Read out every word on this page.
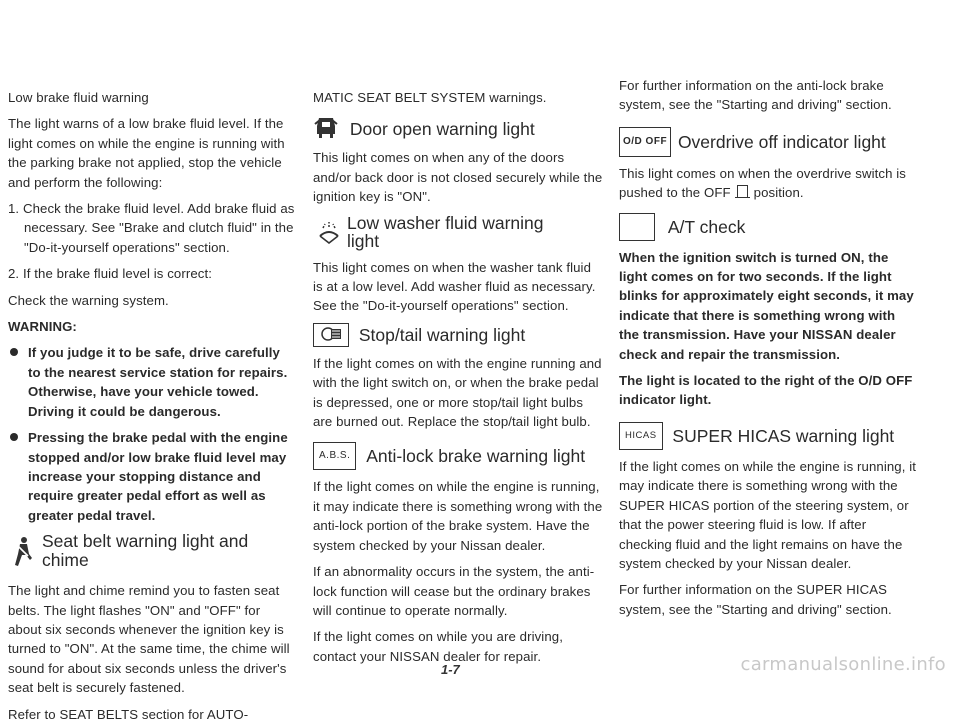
Low brake fluid warning

The light warns of a low brake fluid level. If the light comes on while the engine is running with the parking brake not applied, stop the vehicle and perform the following:

1. Check the brake fluid level. Add brake fluid as necessary. See "Brake and clutch fluid" in the "Do-it-yourself operations" section.

2. If the brake fluid level is correct:

Check the warning system.

WARNING:

If you judge it to be safe, drive carefully to the nearest service station for repairs. Otherwise, have your vehicle towed. Driving it could be dangerous.

Pressing the brake pedal with the engine stopped and/or low brake fluid level may increase your stopping distance and require greater pedal effort as well as greater pedal travel.

Seat belt warning light and chime

The light and chime remind you to fasten seat belts. The light flashes "ON" and "OFF" for about six seconds whenever the ignition key is turned to "ON". At the same time, the chime will sound for about six seconds unless the driver's seat belt is securely fastened.

Refer to SEAT BELTS section for AUTO-

MATIC SEAT BELT SYSTEM warnings.

Door open warning light

This light comes on when any of the doors and/or back door is not closed securely while the ignition key is "ON".

Low washer fluid warning light

This light comes on when the washer tank fluid is at a low level. Add washer fluid as necessary. See the "Do-it-yourself operations" section.

Stop/tail warning light

If the light comes on with the engine running and with the light switch on, or when the brake pedal is depressed, one or more stop/tail light bulbs are burned out. Replace the stop/tail light bulb.

A.B.S. Anti-lock brake warning light

If the light comes on while the engine is running, it may indicate there is something wrong with the anti-lock portion of the brake system. Have the system checked by your Nissan dealer.

If an abnormality occurs in the system, the anti-lock function will cease but the ordinary brakes will continue to operate normally.

If the light comes on while you are driving, contact your NISSAN dealer for repair.

For further information on the anti-lock brake system, see the "Starting and driving" section.

O/D OFF Overdrive off indicator light

This light comes on when the overdrive switch is pushed to the OFF position.

A/T check

When the ignition switch is turned ON, the light comes on for two seconds. If the light blinks for approximately eight seconds, it may indicate that there is something wrong with the transmission. Have your NISSAN dealer check and repair the transmission.

The light is located to the right of the O/D OFF indicator light.

HICAS SUPER HICAS warning light

If the light comes on while the engine is running, it may indicate there is something wrong with the SUPER HICAS portion of the steering system, or that the power steering fluid is low. If after checking fluid and the light remains on have the system checked by your Nissan dealer.

For further information on the SUPER HICAS system, see the "Starting and driving" section.

1-7	carmanualsonline.info
